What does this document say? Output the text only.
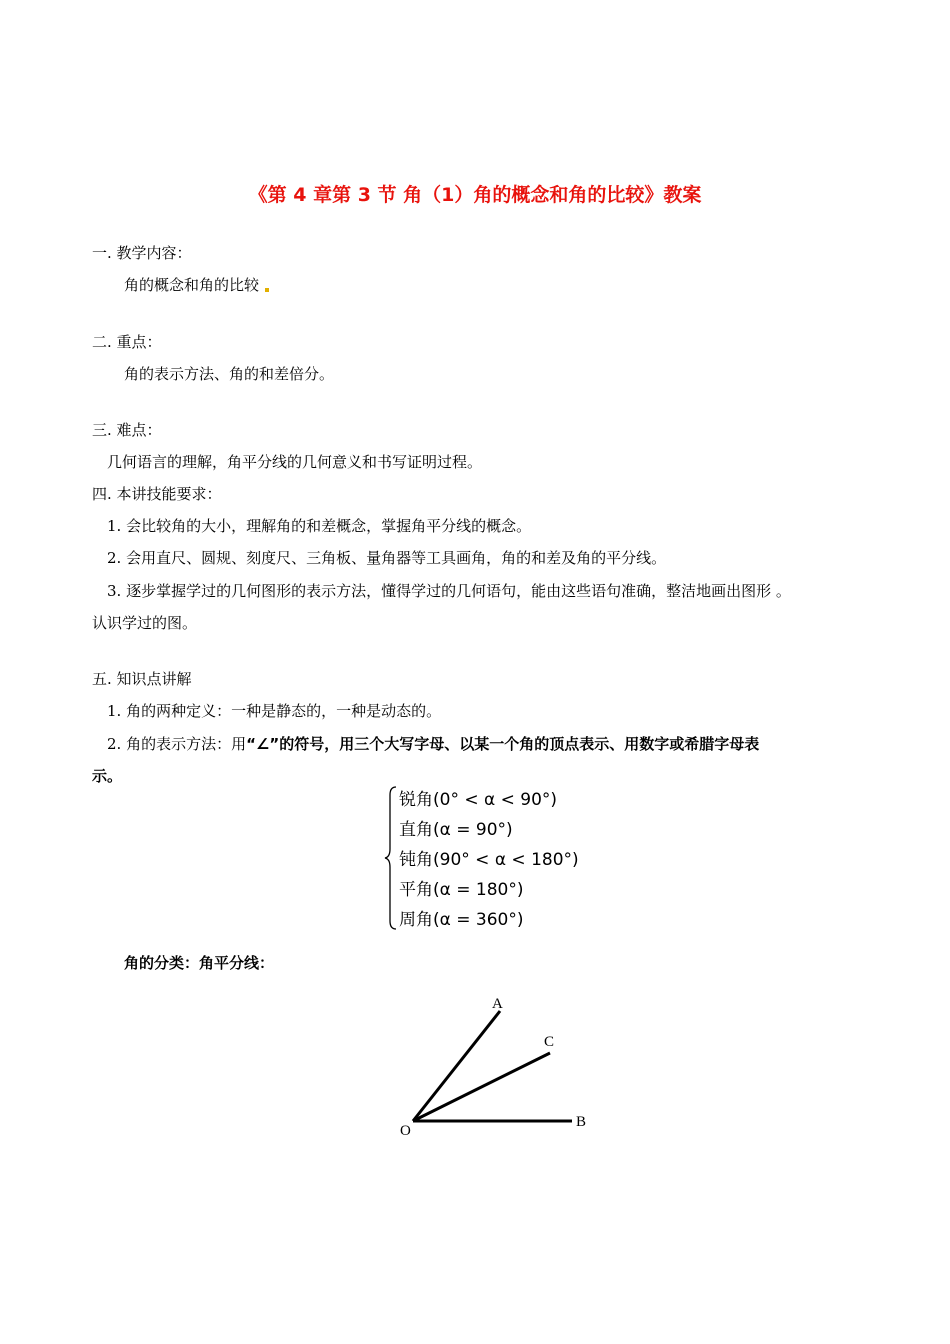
《第 4 章第 3 节 角（1）角的概念和角的比较》教案
一. 教学内容：
角的概念和角的比较
二. 重点：
角的表示方法、角的和差倍分。
三. 难点：
几何语言的理解，角平分线的几何意义和书写证明过程。
四. 本讲技能要求：
1. 会比较角的大小，理解角的和差概念，掌握角平分线的概念。
2. 会用直尺、圆规、刻度尺、三角板、量角器等工具画角，角的和差及角的平分线。
3. 逐步掌握学过的几何图形的表示方法，懂得学过的几何语句，能由这些语句准确，整洁地画出图形 。
认识学过的图。
五. 知识点讲解
1. 角的两种定义：一种是静态的，一种是动态的。
2. 角的表示方法：用“∠”的符号，用三个大写字母、以某一个角的顶点表示、用数字或希腊字母表
示。
锐角(0° < α < 90°)
直角(α = 90°)
钝角(90° < α < 180°)
平角(α = 180°)
周角(α = 360°)
角的分类：角平分线：
A
C
O
B
